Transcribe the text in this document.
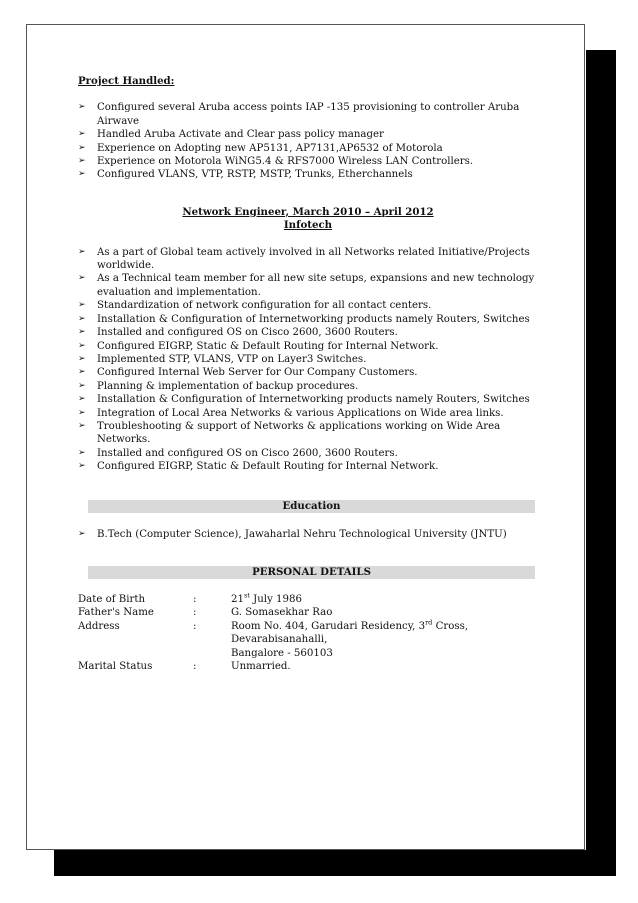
Project Handled:
➢ Configured several Aruba access points IAP -135 provisioning to controller Aruba Airwave
➢ Handled Aruba Activate and Clear pass policy manager
➢ Experience on Adopting new AP5131, AP7131,AP6532 of Motorola
➢ Experience on Motorola WiNG5.4 & RFS7000 Wireless LAN Controllers.
➢ Configured VLANS, VTP, RSTP, MSTP, Trunks, Etherchannels
Network Engineer, March 2010 – April 2012
Infotech
➢ As a part of Global team actively involved in all Networks related Initiative/Projects worldwide.
➢ As a Technical team member for all new site setups, expansions and new technology evaluation and implementation.
➢ Standardization of network configuration for all contact centers.
➢ Installation & Configuration of Internetworking products namely Routers, Switches
➢ Installed and configured OS on Cisco 2600, 3600 Routers.
➢ Configured EIGRP, Static & Default Routing for Internal Network.
➢ Implemented STP, VLANS, VTP on Layer3 Switches.
➢ Configured Internal Web Server for Our Company Customers.
➢ Planning & implementation of backup procedures.
➢ Installation & Configuration of Internetworking products namely Routers, Switches
➢ Integration of Local Area Networks & various Applications on Wide area links.
➢ Troubleshooting & support of Networks & applications working on Wide Area Networks.
➢ Installed and configured OS on Cisco 2600, 3600 Routers.
➢ Configured EIGRP, Static & Default Routing for Internal Network.
Education
➢ B.Tech (Computer Science), Jawaharlal Nehru Technological University (JNTU)
PERSONAL DETAILS
Date of Birth	:	21st July 1986
Father's Name	:	G. Somasekhar Rao
Address	:	Room No. 404, Garudari Residency, 3rd Cross, Devarabisanahalli,
Bangalore - 560103

Marital Status	:	Unmarried.
